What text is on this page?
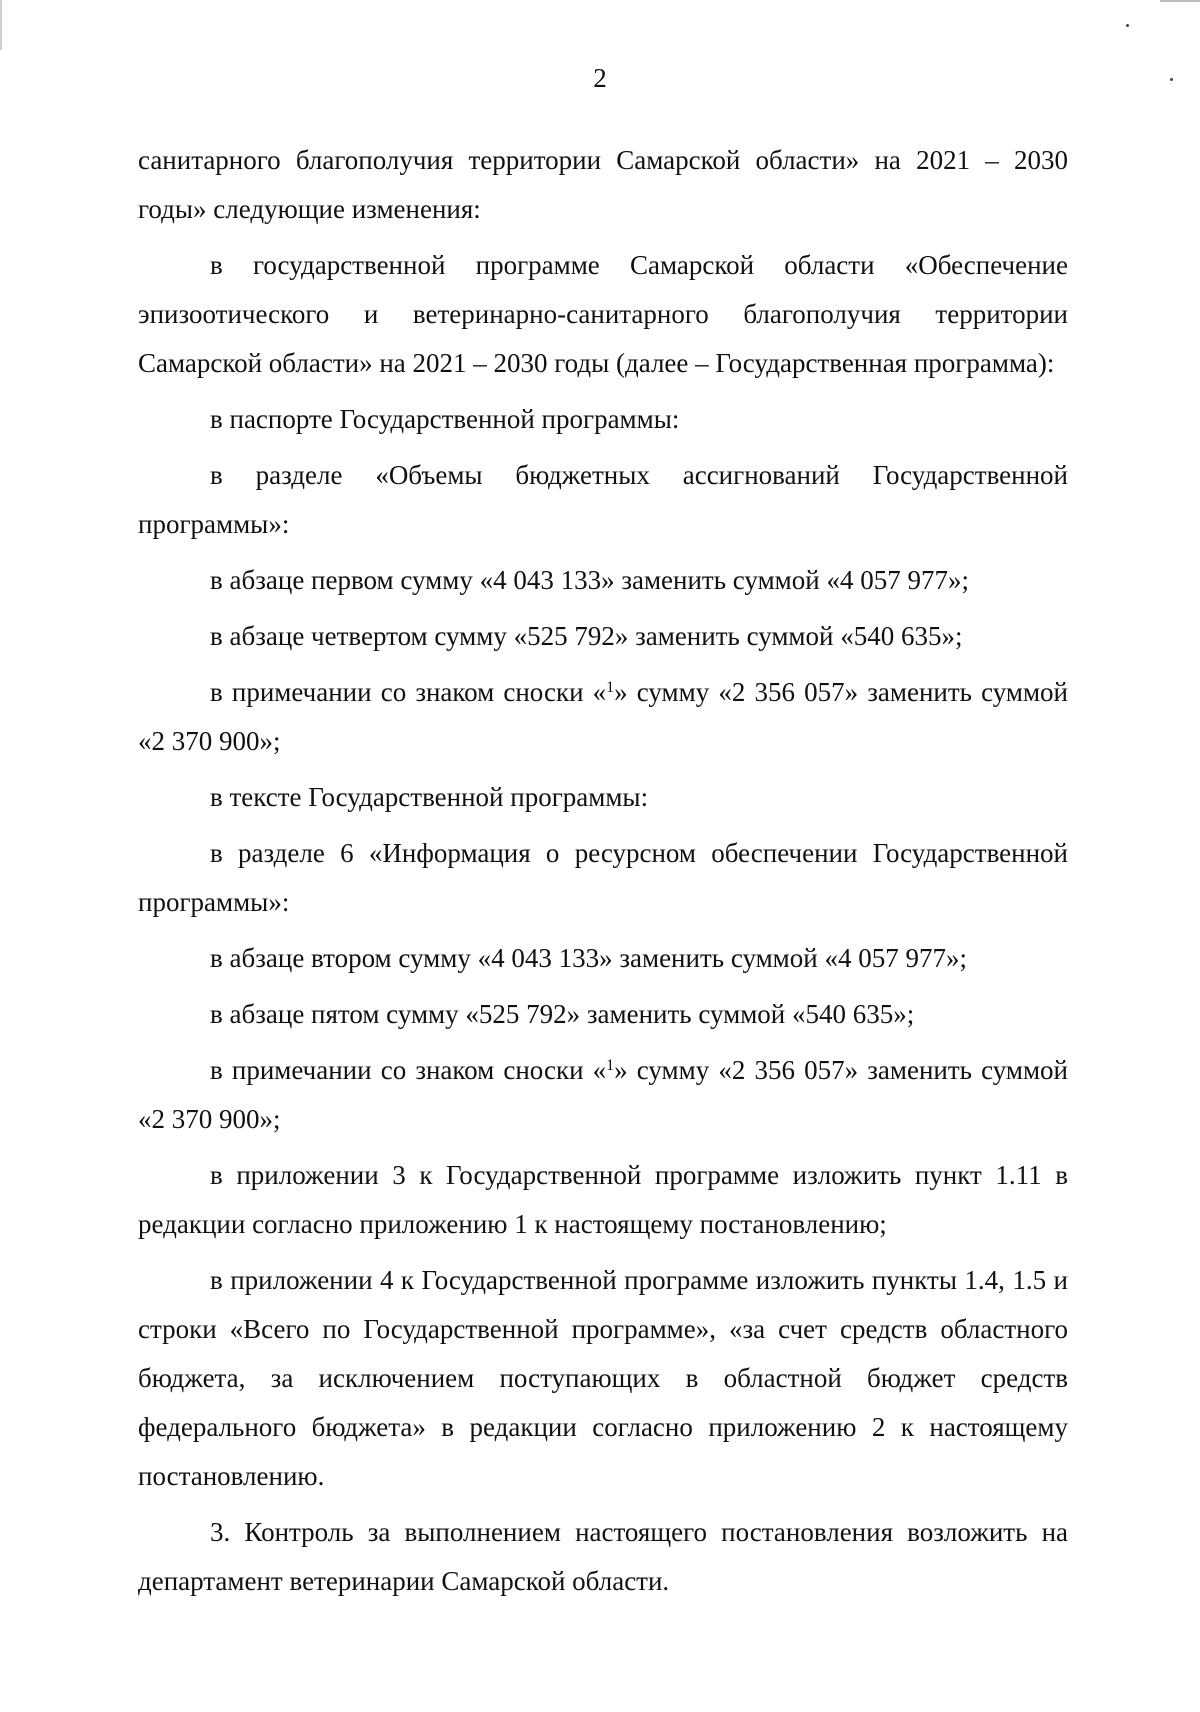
2

санитарного благополучия территории Самарской области» на 2021 – 2030 годы» следующие изменения:

в государственной программе Самарской области «Обеспечение эпизоотического и ветеринарно-санитарного благополучия территории Самарской области» на 2021 – 2030 годы (далее – Государственная программа):

в паспорте Государственной программы:

в разделе «Объемы бюджетных ассигнований Государственной программы»:

в абзаце первом сумму «4 043 133» заменить суммой «4 057 977»;

в абзаце четвертом сумму «525 792» заменить суммой «540 635»;

в примечании со знаком сноски «$^1$» сумму «2 356 057» заменить суммой «2 370 900»;

в тексте Государственной программы:

в разделе 6 «Информация о ресурсном обеспечении Государственной программы»:

в абзаце втором сумму «4 043 133» заменить суммой «4 057 977»;

в абзаце пятом сумму «525 792» заменить суммой «540 635»;

в примечании со знаком сноски «$^1$» сумму «2 356 057» заменить суммой «2 370 900»;

в приложении 3 к Государственной программе изложить пункт 1.11 в редакции согласно приложению 1 к настоящему постановлению;

в приложении 4 к Государственной программе изложить пункты 1.4, 1.5 и строки «Всего по Государственной программе», «за счет средств областного бюджета, за исключением поступающих в областной бюджет средств федерального бюджета» в редакции согласно приложению 2 к настоящему постановлению.

3. Контроль за выполнением настоящего постановления возложить на департамент ветеринарии Самарской области.
